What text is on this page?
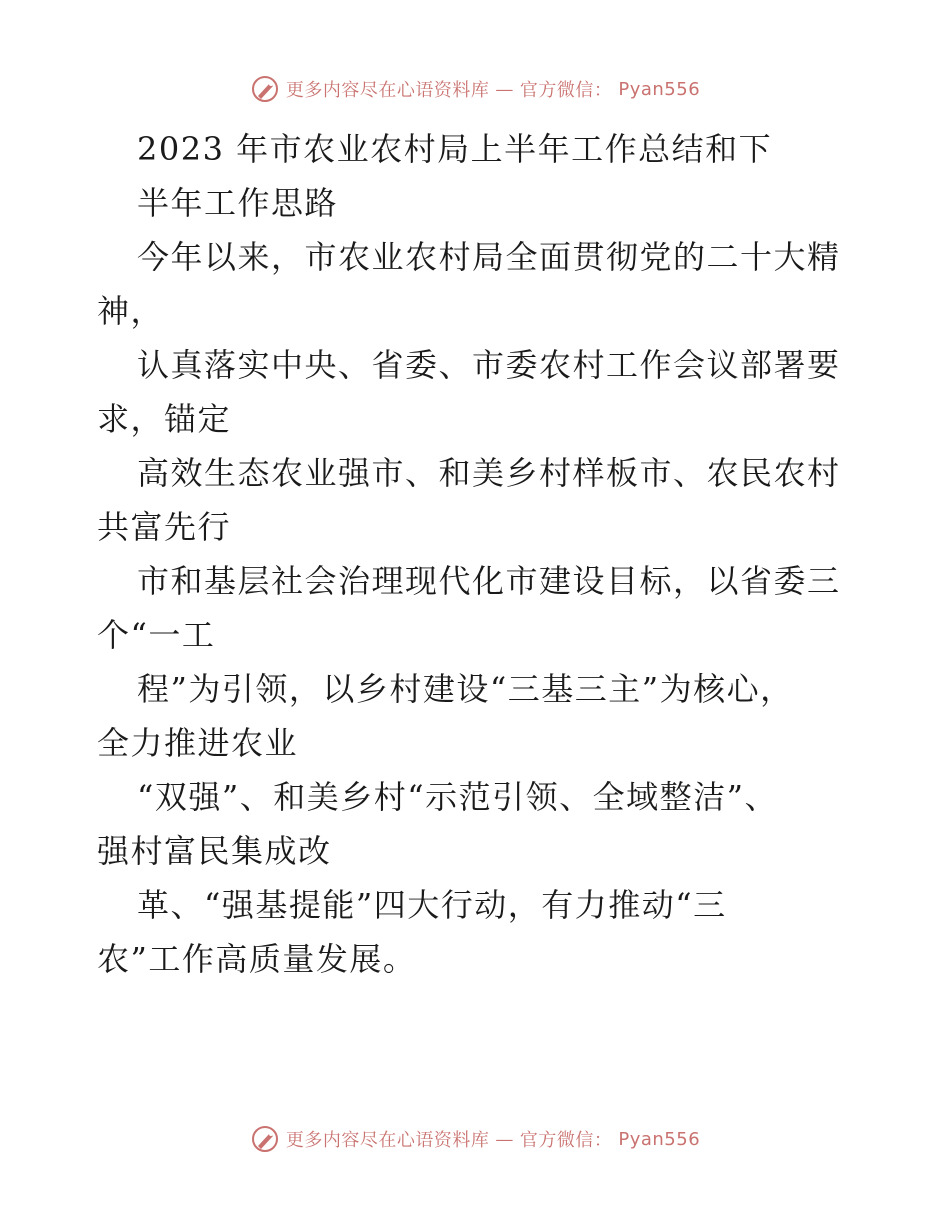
更多内容尽在心语资料库 — 官方微信： Pyan556
2023 年市农业农村局上半年工作总结和下
半年工作思路
今年以来，市农业农村局全面贯彻党的二十大精
神，
认真落实中央、省委、市委农村工作会议部署要
求，锚定
高效生态农业强市、和美乡村样板市、农民农村
共富先行
市和基层社会治理现代化市建设目标，以省委三
个“一工
程”为引领，以乡村建设“三基三主”为核心，
全力推进农业
“双强”、和美乡村“示范引领、全域整洁”、
强村富民集成改
革、“强基提能”四大行动，有力推动“三
农”工作高质量发展。
更多内容尽在心语资料库 — 官方微信： Pyan556
